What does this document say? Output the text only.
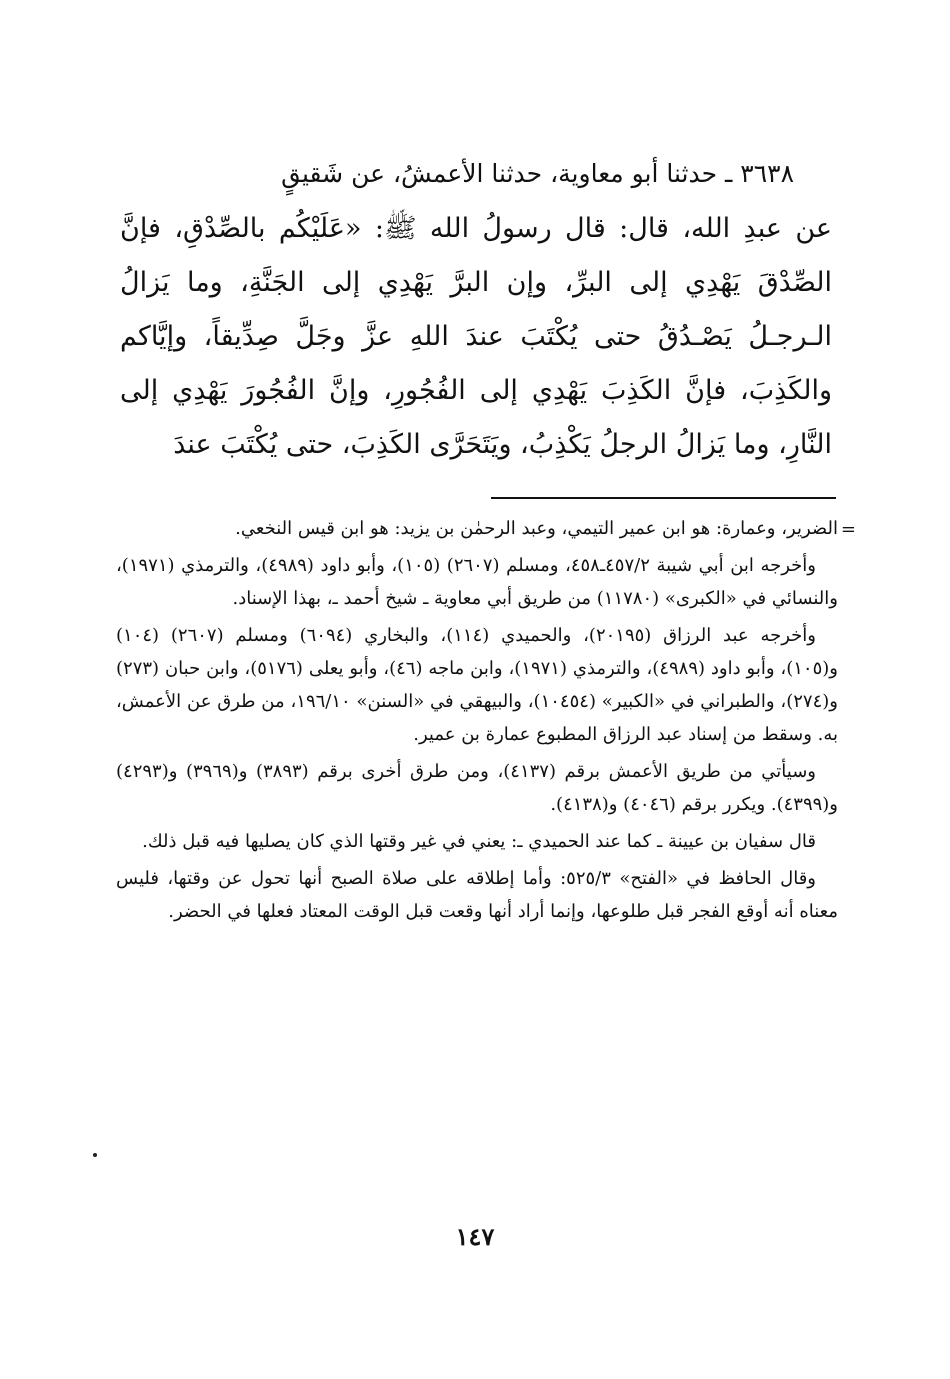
٣٦٣٨ ـ حدثنا أبو معاوية، حدثنا الأعمشُ، عن شَقيقٍ

عن عبدِ الله، قال: قال رسولُ الله ﷺ: «عَلَيْكُم بالصِّدْقِ، فإنَّ الصِّدْقَ يَهْدِي إلى البرِّ، وإن البرَّ يَهْدِي إلى الجَنَّةِ، وما يَزالُ الـرجـلُ يَصْـدُقُ حتى يُكْتَبَ عندَ اللهِ عزَّ وجَلَّ صِدِّيقاً، وإيَّاكم والكَذِبَ، فإنَّ الكَذِبَ يَهْدِي إلى الفُجُورِ، وإنَّ الفُجُورَ يَهْدِي إلى النَّارِ، وما يَزالُ الرجلُ يَكْذِبُ، ويَتَحَرَّى الكَذِبَ، حتى يُكْتَبَ عندَ

=

الضرير، وعمارة: هو ابن عمير التيمي، وعبد الرحمٰن بن يزيد: هو ابن قيس النخعي.

وأخرجه ابن أبي شيبة ٤٥٧/٢ـ٤٥٨، ومسلم (٢٦٠٧) (١٠٥)، وأبو داود (٤٩٨٩)، والترمذي (١٩٧١)، والنسائي في «الكبرى» (١١٧٨٠) من طريق أبي معاوية ـ شيخ أحمد ـ، بهذا الإسناد.

وأخرجه عبد الرزاق (٢٠١٩٥)، والحميدي (١١٤)، والبخاري (٦٠٩٤) ومسلم (٢٦٠٧) (١٠٤) و(١٠٥)، وأبو داود (٤٩٨٩)، والترمذي (١٩٧١)، وابن ماجه (٤٦)، وأبو يعلى (٥١٧٦)، وابن حبان (٢٧٣) و(٢٧٤)، والطبراني في «الكبير» (١٠٤٥٤)، والبيهقي في «السنن» ١٩٦/١٠، من طرق عن الأعمش، به. وسقط من إسناد عبد الرزاق المطبوع عمارة بن عمير.

وسيأتي من طريق الأعمش برقم (٤١٣٧)، ومن طرق أخرى برقم (٣٨٩٣) و(٣٩٦٩) و(٤٢٩٣) و(٤٣٩٩). ويكرر برقم (٤٠٤٦) و(٤١٣٨).

قال سفيان بن عيينة ـ كما عند الحميدي ـ: يعني في غير وقتها الذي كان يصليها فيه قبل ذلك.

وقال الحافظ في «الفتح» ٥٢٥/٣: وأما إطلاقه على صلاة الصبح أنها تحول عن وقتها، فليس معناه أنه أوقع الفجر قبل طلوعها، وإنما أراد أنها وقعت قبل الوقت المعتاد فعلها في الحضر.

١٤٧
